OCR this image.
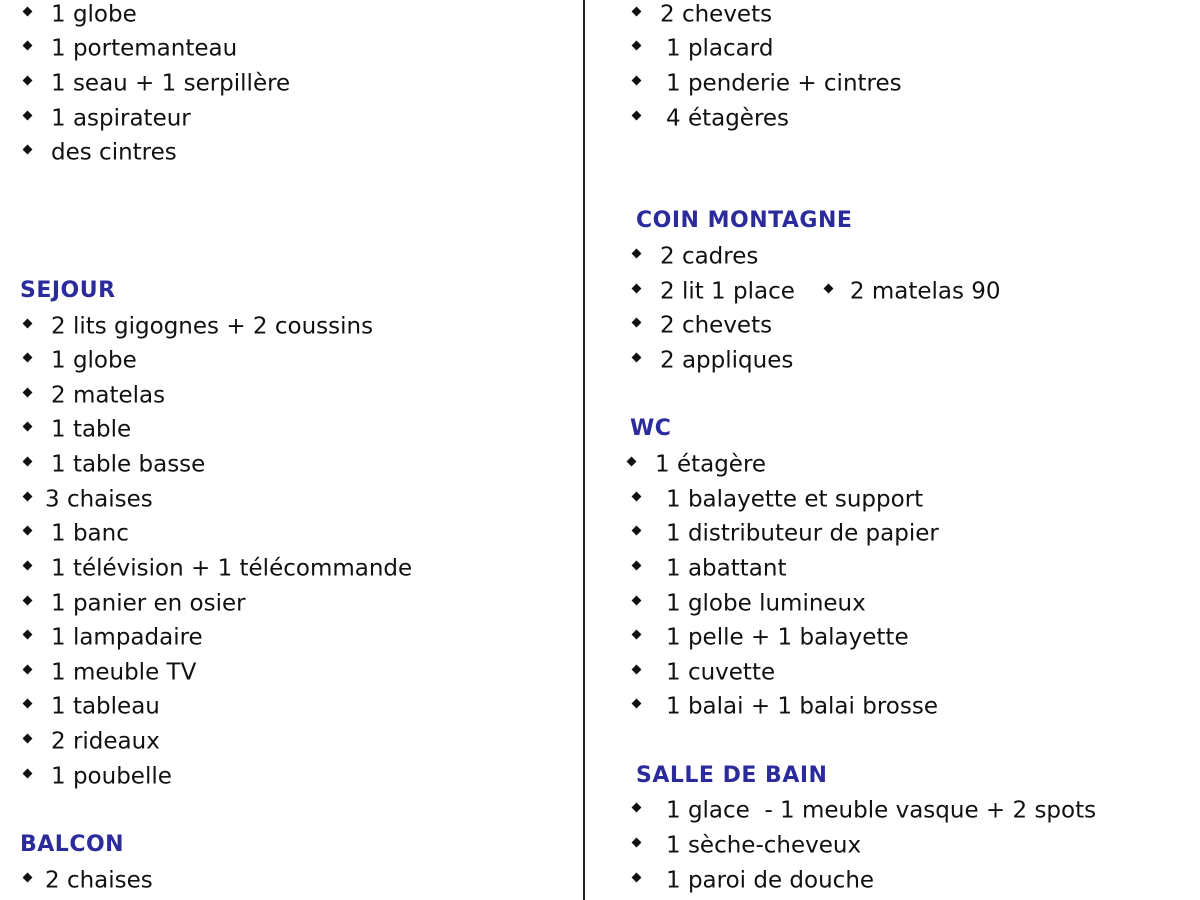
1 globe
1 portemanteau
1 seau + 1 serpillère
1 aspirateur
des cintres
SEJOUR
2 lits gigognes + 2 coussins
1 globe
2 matelas
1 table
1 table basse
3 chaises
1 banc
1 télévision + 1 télécommande
1 panier en osier
1 lampadaire
1 meuble TV
1 tableau
2 rideaux
1 poubelle
BALCON
2 chaises
2 chevets
1 placard
1 penderie + cintres
4 étagères
COIN MONTAGNE
2 cadres
2 lit 1 place 2 matelas 90
2 chevets
2 appliques
WC
1 étagère
1 balayette et support
1 distributeur de papier
1 abattant
1 globe lumineux
1 pelle + 1 balayette
1 cuvette
1 balai + 1 balai brosse
SALLE DE BAIN
1 glace  - 1 meuble vasque + 2 spots
1 sèche-cheveux
1 paroi de douche
